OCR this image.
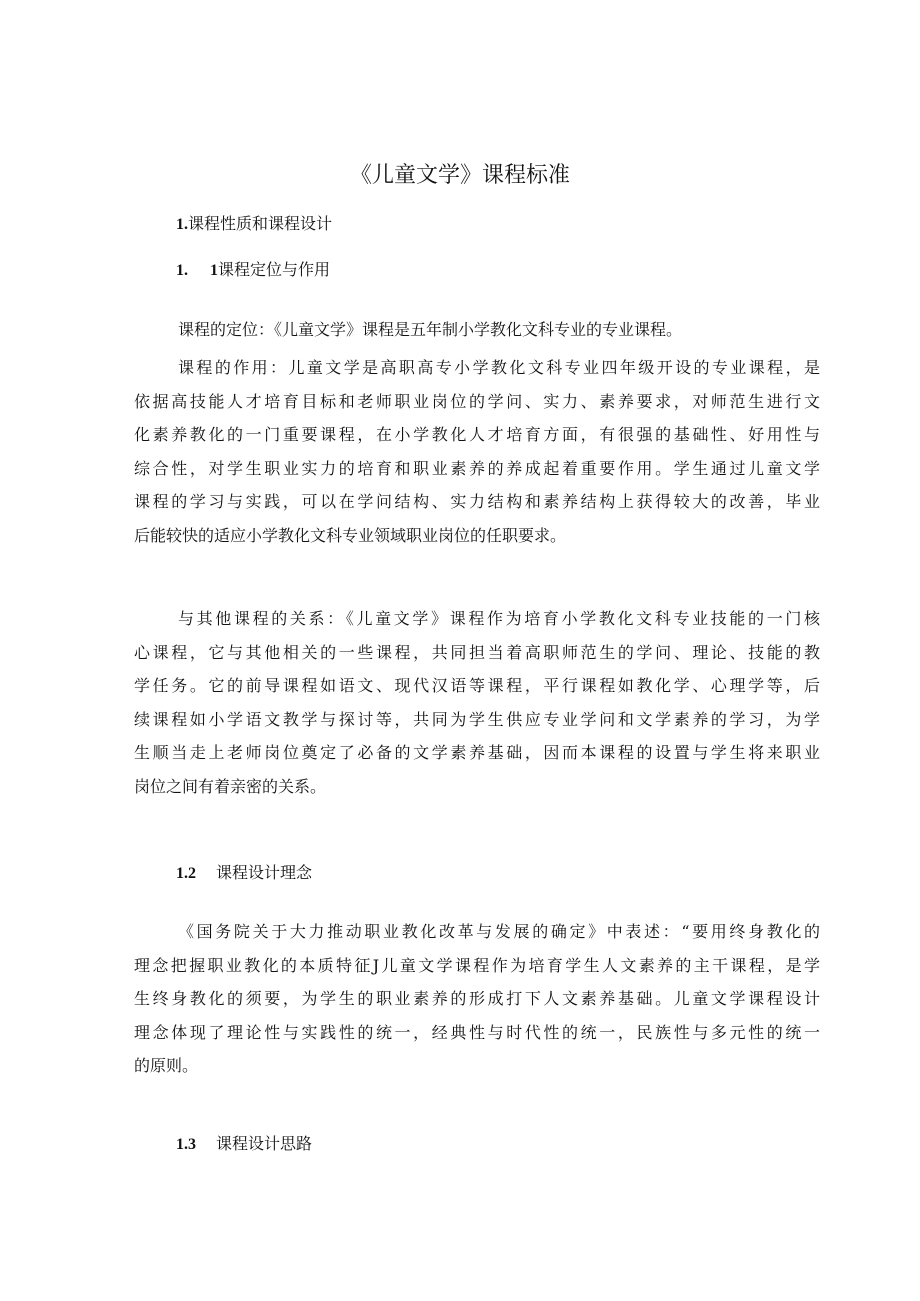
《儿童文学》课程标准
1.课程性质和课程设计
1. 1课程定位与作用
课程的定位：《儿童文学》课程是五年制小学教化文科专业的专业课程。
课程的作用：儿童文学是高职高专小学教化文科专业四年级开设的专业课程，是
依据高技能人才培育目标和老师职业岗位的学问、实力、素养要求，对师范生进行文
化素养教化的一门重要课程，在小学教化人才培育方面，有很强的基础性、好用性与
综合性，对学生职业实力的培育和职业素养的养成起着重要作用。学生通过儿童文学
课程的学习与实践，可以在学问结构、实力结构和素养结构上获得较大的改善，毕业
后能较快的适应小学教化文科专业领域职业岗位的任职要求。
与其他课程的关系：《儿童文学》课程作为培育小学教化文科专业技能的一门核
心课程，它与其他相关的一些课程，共同担当着高职师范生的学问、理论、技能的教
学任务。它的前导课程如语文、现代汉语等课程，平行课程如教化学、心理学等，后
续课程如小学语文教学与探讨等，共同为学生供应专业学问和文学素养的学习，为学
生顺当走上老师岗位奠定了必备的文学素养基础，因而本课程的设置与学生将来职业
岗位之间有着亲密的关系。
1.2 课程设计理念
《国务院关于大力推动职业教化改革与发展的确定》中表述：“要用终身教化的
理念把握职业教化的本质特征J儿童文学课程作为培育学生人文素养的主干课程，是学
生终身教化的须要，为学生的职业素养的形成打下人文素养基础。儿童文学课程设计
理念体现了理论性与实践性的统一，经典性与时代性的统一，民族性与多元性的统一
的原则。
1.3 课程设计思路
